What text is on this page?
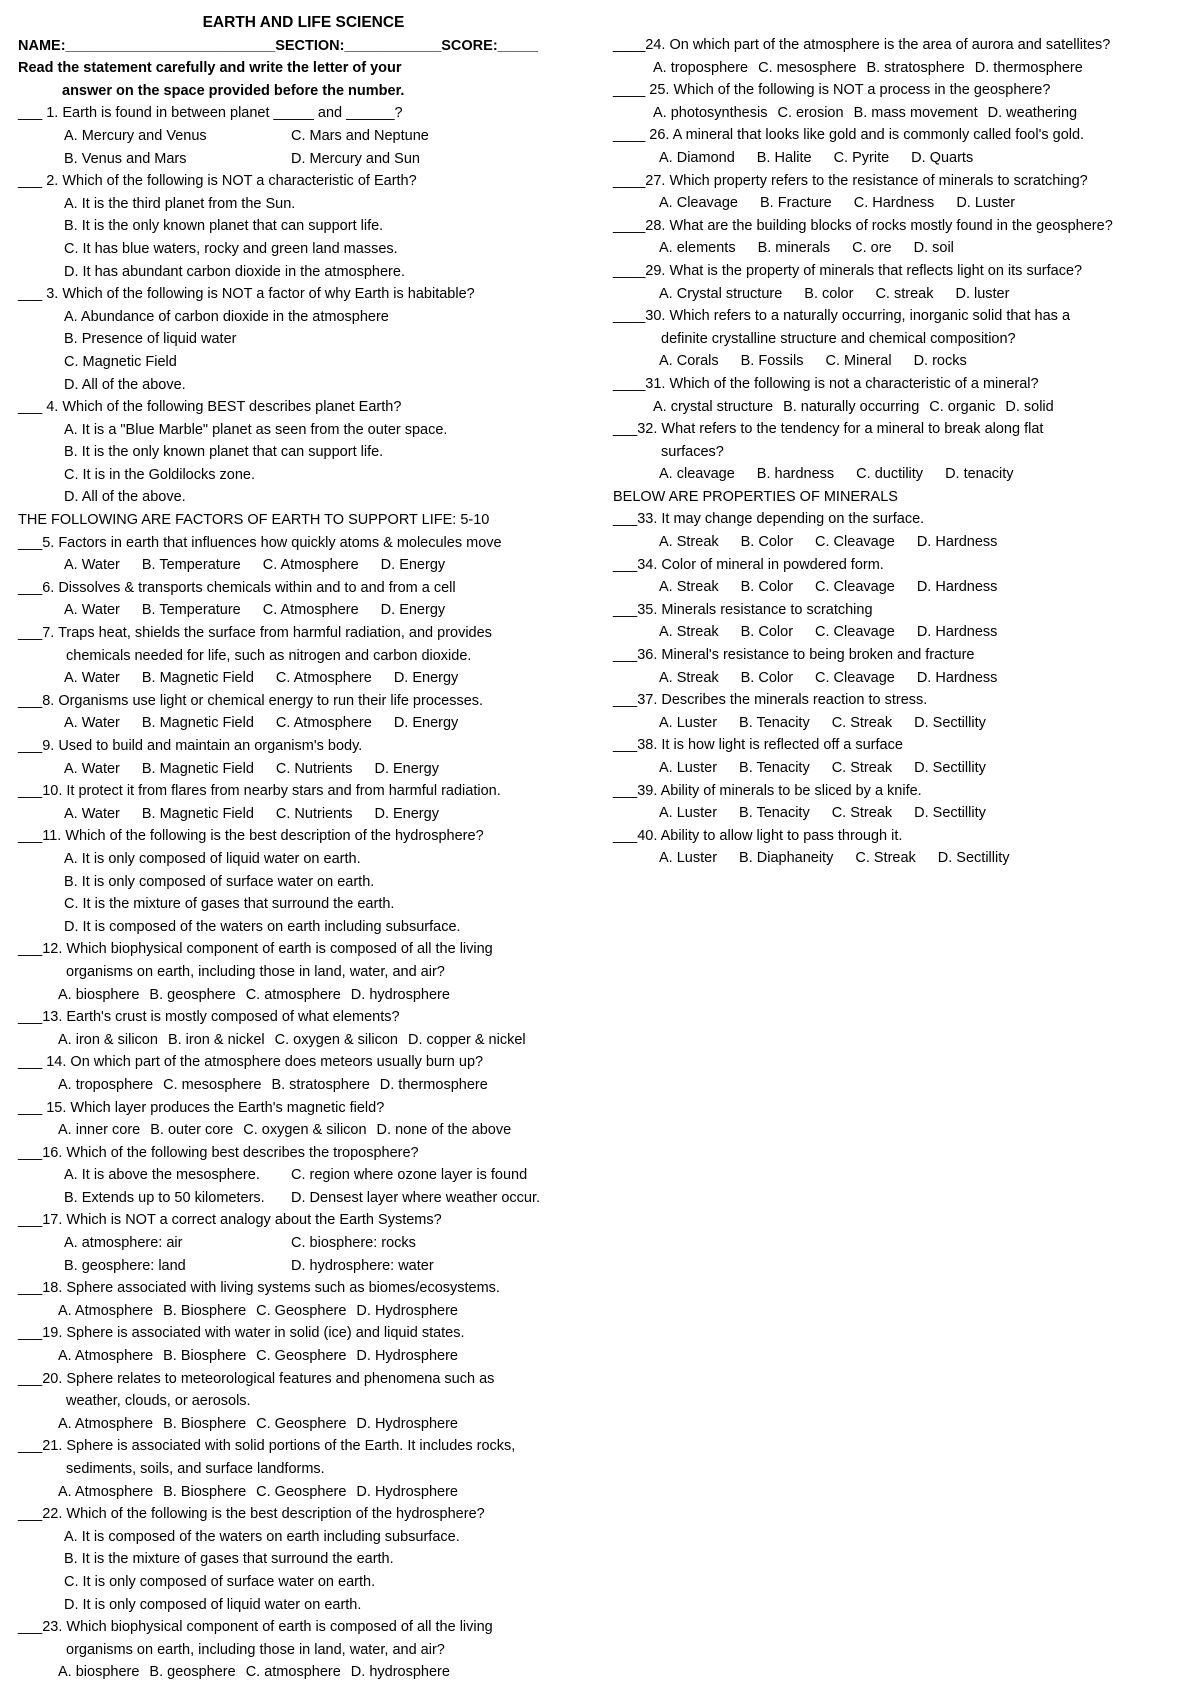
EARTH AND LIFE SCIENCE
NAME:__________________________SECTION:____________SCORE:_____
Read the statement carefully and write the letter of your
answer on the space provided before the number.
___ 1. Earth is found in between planet _____ and ______?
A. Mercury and Venus	C. Mars and Neptune
B. Venus and Mars	D. Mercury and Sun
___ 2. Which of the following is NOT a characteristic of Earth?
A. It is the third planet from the Sun.
B. It is the only known planet that can support life.
C. It has blue waters, rocky and green land masses.
D. It has abundant carbon dioxide in the atmosphere.
___ 3. Which of the following is NOT a factor of why Earth is habitable?
A. Abundance of carbon dioxide in the atmosphere
B. Presence of liquid water
C. Magnetic Field
D. All of the above.
___ 4. Which of the following BEST describes planet Earth?
A. It is a "Blue Marble" planet as seen from the outer space.
B. It is the only known planet that can support life.
C. It is in the Goldilocks zone.
D. All of the above.
THE FOLLOWING ARE FACTORS OF EARTH TO SUPPORT LIFE: 5-10
___5. Factors in earth that influences how quickly atoms & molecules move
A. Water B. Temperature C. Atmosphere D. Energy
___6. Dissolves & transports chemicals within and to and from a cell
A. Water B. Temperature C. Atmosphere D. Energy
___7. Traps heat, shields the surface from harmful radiation, and provides
chemicals needed for life, such as nitrogen and carbon dioxide.
A. Water B. Magnetic Field C. Atmosphere D. Energy
___8. Organisms use light or chemical energy to run their life processes.
A. Water B. Magnetic Field C. Atmosphere D. Energy
___9. Used to build and maintain an organism's body.
A. Water B. Magnetic Field C. Nutrients D. Energy
___10. It protect it from flares from nearby stars and from harmful radiation.
A. Water B. Magnetic Field C. Nutrients D. Energy
___11. Which of the following is the best description of the hydrosphere?
A. It is only composed of liquid water on earth.
B. It is only composed of surface water on earth.
C. It is the mixture of gases that surround the earth.
D. It is composed of the waters on earth including subsurface.
___12. Which biophysical component of earth is composed of all the living
organisms on earth, including those in land, water, and air?
A. biosphere B. geosphere C. atmosphere D. hydrosphere
___13. Earth's crust is mostly composed of what elements?
A. iron & silicon B. iron & nickel C. oxygen & silicon D. copper & nickel
___ 14. On which part of the atmosphere does meteors usually burn up?
A. troposphere C. mesosphere B. stratosphere D. thermosphere
___ 15. Which layer produces the Earth's magnetic field?
A. inner core B. outer core C. oxygen & silicon D. none of the above
___16. Which of the following best describes the troposphere?
A. It is above the mesosphere.	C. region where ozone layer is found
B. Extends up to 50 kilometers.	D. Densest layer where weather occur.
___17. Which is NOT a correct analogy about the Earth Systems?
A. atmosphere: air	C. biosphere: rocks
B. geosphere: land	D. hydrosphere: water
___18. Sphere associated with living systems such as biomes/ecosystems.
A. Atmosphere B. Biosphere C. Geosphere D. Hydrosphere
___19. Sphere is associated with water in solid (ice) and liquid states.
A. Atmosphere B. Biosphere C. Geosphere D. Hydrosphere
___20. Sphere relates to meteorological features and phenomena such as
weather, clouds, or aerosols.
A. Atmosphere B. Biosphere C. Geosphere D. Hydrosphere
___21. Sphere is associated with solid portions of the Earth. It includes rocks,
sediments, soils, and surface landforms.
A. Atmosphere B. Biosphere C. Geosphere D. Hydrosphere
___22. Which of the following is the best description of the hydrosphere?
A. It is composed of the waters on earth including subsurface.
B. It is the mixture of gases that surround the earth.
C. It is only composed of surface water on earth.
D. It is only composed of liquid water on earth.
___23. Which biophysical component of earth is composed of all the living
organisms on earth, including those in land, water, and air?
A. biosphere B. geosphere C. atmosphere D. hydrosphere
____24. On which part of the atmosphere is the area of aurora and satellites?
A. troposphere C. mesosphere B. stratosphere D. thermosphere
____ 25. Which of the following is NOT a process in the geosphere?
A. photosynthesis C. erosion B. mass movement D. weathering
____ 26. A mineral that looks like gold and is commonly called fool's gold.
A. Diamond B. Halite C. Pyrite D. Quarts
____27. Which property refers to the resistance of minerals to scratching?
A. Cleavage B. Fracture C. Hardness D. Luster
____28. What are the building blocks of rocks mostly found in the geosphere?
A. elements B. minerals C. ore D. soil
____29. What is the property of minerals that reflects light on its surface?
A. Crystal structure B. color C. streak D. luster
____30. Which refers to a naturally occurring, inorganic solid that has a
definite crystalline structure and chemical composition?
A. Corals B. Fossils C. Mineral D. rocks
____31. Which of the following is not a characteristic of a mineral?
A. crystal structure B. naturally occurring C. organic D. solid
___32. What refers to the tendency for a mineral to break along flat
surfaces?
A. cleavage B. hardness C. ductility D. tenacity
BELOW ARE PROPERTIES OF MINERALS
___33. It may change depending on the surface.
A. Streak B. Color C. Cleavage D. Hardness
___34. Color of mineral in powdered form.
A. Streak B. Color C. Cleavage D. Hardness
___35. Minerals resistance to scratching
A. Streak B. Color C. Cleavage D. Hardness
___36. Mineral's resistance to being broken and fracture
A. Streak B. Color C. Cleavage D. Hardness
___37. Describes the minerals reaction to stress.
A. Luster B. Tenacity C. Streak D. Sectillity
___38. It is how light is reflected off a surface
A. Luster B. Tenacity C. Streak D. Sectillity
___39. Ability of minerals to be sliced by a knife.
A. Luster B. Tenacity C. Streak D. Sectillity
___40. Ability to allow light to pass through it.
A. Luster B. Diaphaneity C. Streak D. Sectillity
